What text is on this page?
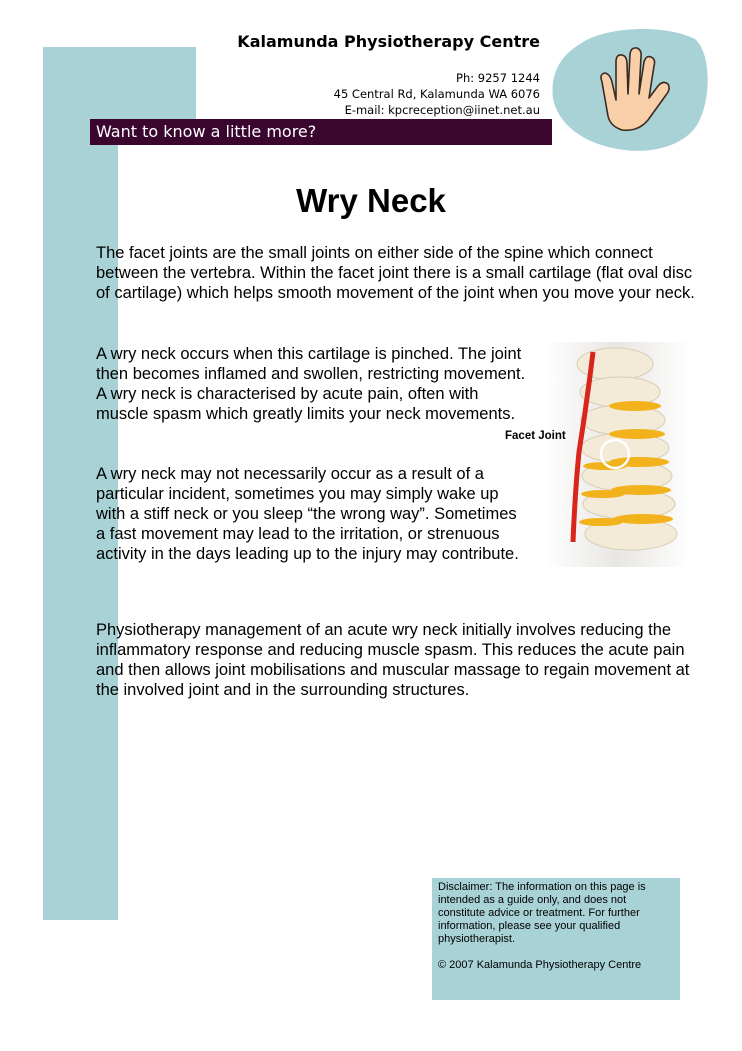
Kalamunda Physiotherapy Centre
Ph: 9257 1244
45 Central Rd, Kalamunda WA 6076
E-mail: kpcreception@iinet.net.au
Want to know a little more?
Wry Neck

The facet joints are the small joints on either side of the spine which connect between the vertebra. Within the facet joint there is a small cartilage (flat oval disc of cartilage) which helps smooth movement of the joint when you move your neck.

A wry neck occurs when this cartilage is pinched. The joint then becomes inflamed and swollen, restricting movement. A wry neck is characterised by acute pain, often with muscle spasm which greatly limits your neck movements.

A wry neck may not necessarily occur as a result of a particular incident, sometimes you may simply wake up with a stiff neck or you sleep “the wrong way”. Sometimes a fast movement may lead to the irritation, or strenuous activity in the days leading up to the injury may contribute.

Physiotherapy management of an acute wry neck initially involves reducing the inflammatory response and reducing muscle spasm. This reduces the acute pain and then allows joint mobilisations and muscular massage to regain movement at the involved joint and in the surrounding structures.

Facet Joint

Disclaimer: The information on this page is intended as a guide only, and does not constitute advice or treatment. For further information, please see your qualified physiotherapist.

© 2007 Kalamunda Physiotherapy Centre
